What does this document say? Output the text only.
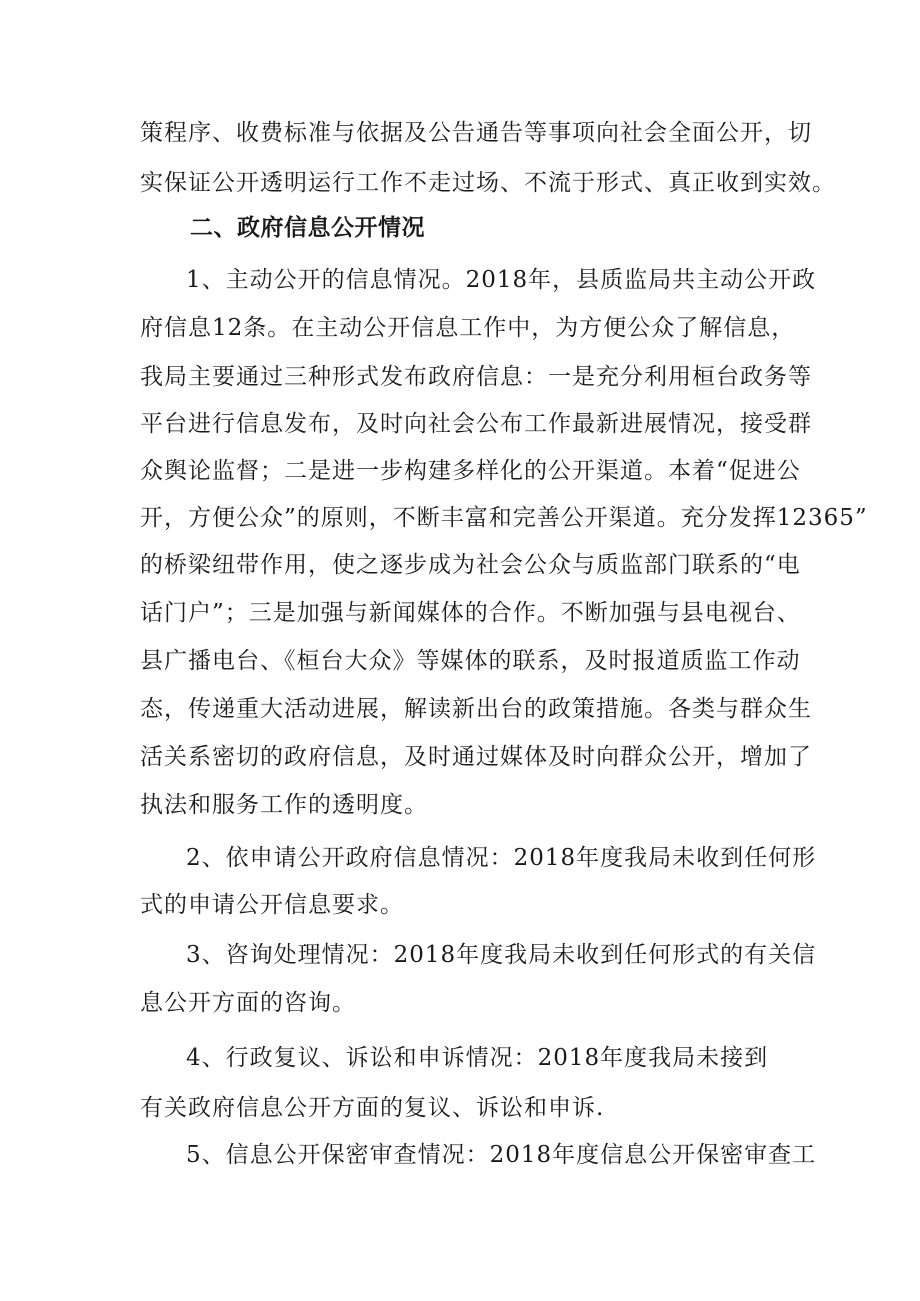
策程序、收费标准与依据及公告通告等事项向社会全面公开，切
实保证公开透明运行工作不走过场、不流于形式、真正收到实效。
二、政府信息公开情况
1、主动公开的信息情况。2018年，县质监局共主动公开政
府信息12条。在主动公开信息工作中，为方便公众了解信息，
我局主要通过三种形式发布政府信息：一是充分利用桓台政务等
平台进行信息发布，及时向社会公布工作最新进展情况，接受群
众舆论监督；二是进一步构建多样化的公开渠道。本着“促进公
开，方便公众”的原则，不断丰富和完善公开渠道。充分发挥12365”
的桥梁纽带作用，使之逐步成为社会公众与质监部门联系的“电
话门户”；三是加强与新闻媒体的合作。不断加强与县电视台、
县广播电台、《桓台大众》等媒体的联系，及时报道质监工作动
态，传递重大活动进展，解读新出台的政策措施。各类与群众生
活关系密切的政府信息，及时通过媒体及时向群众公开，增加了
执法和服务工作的透明度。
2、依申请公开政府信息情况：2018年度我局未收到任何形
式的申请公开信息要求。
3、咨询处理情况：2018年度我局未收到任何形式的有关信
息公开方面的咨询。
4、行政复议、诉讼和申诉情况：2018年度我局未接到
有关政府信息公开方面的复议、诉讼和申诉.
5、信息公开保密审查情况：2018年度信息公开保密审查工
